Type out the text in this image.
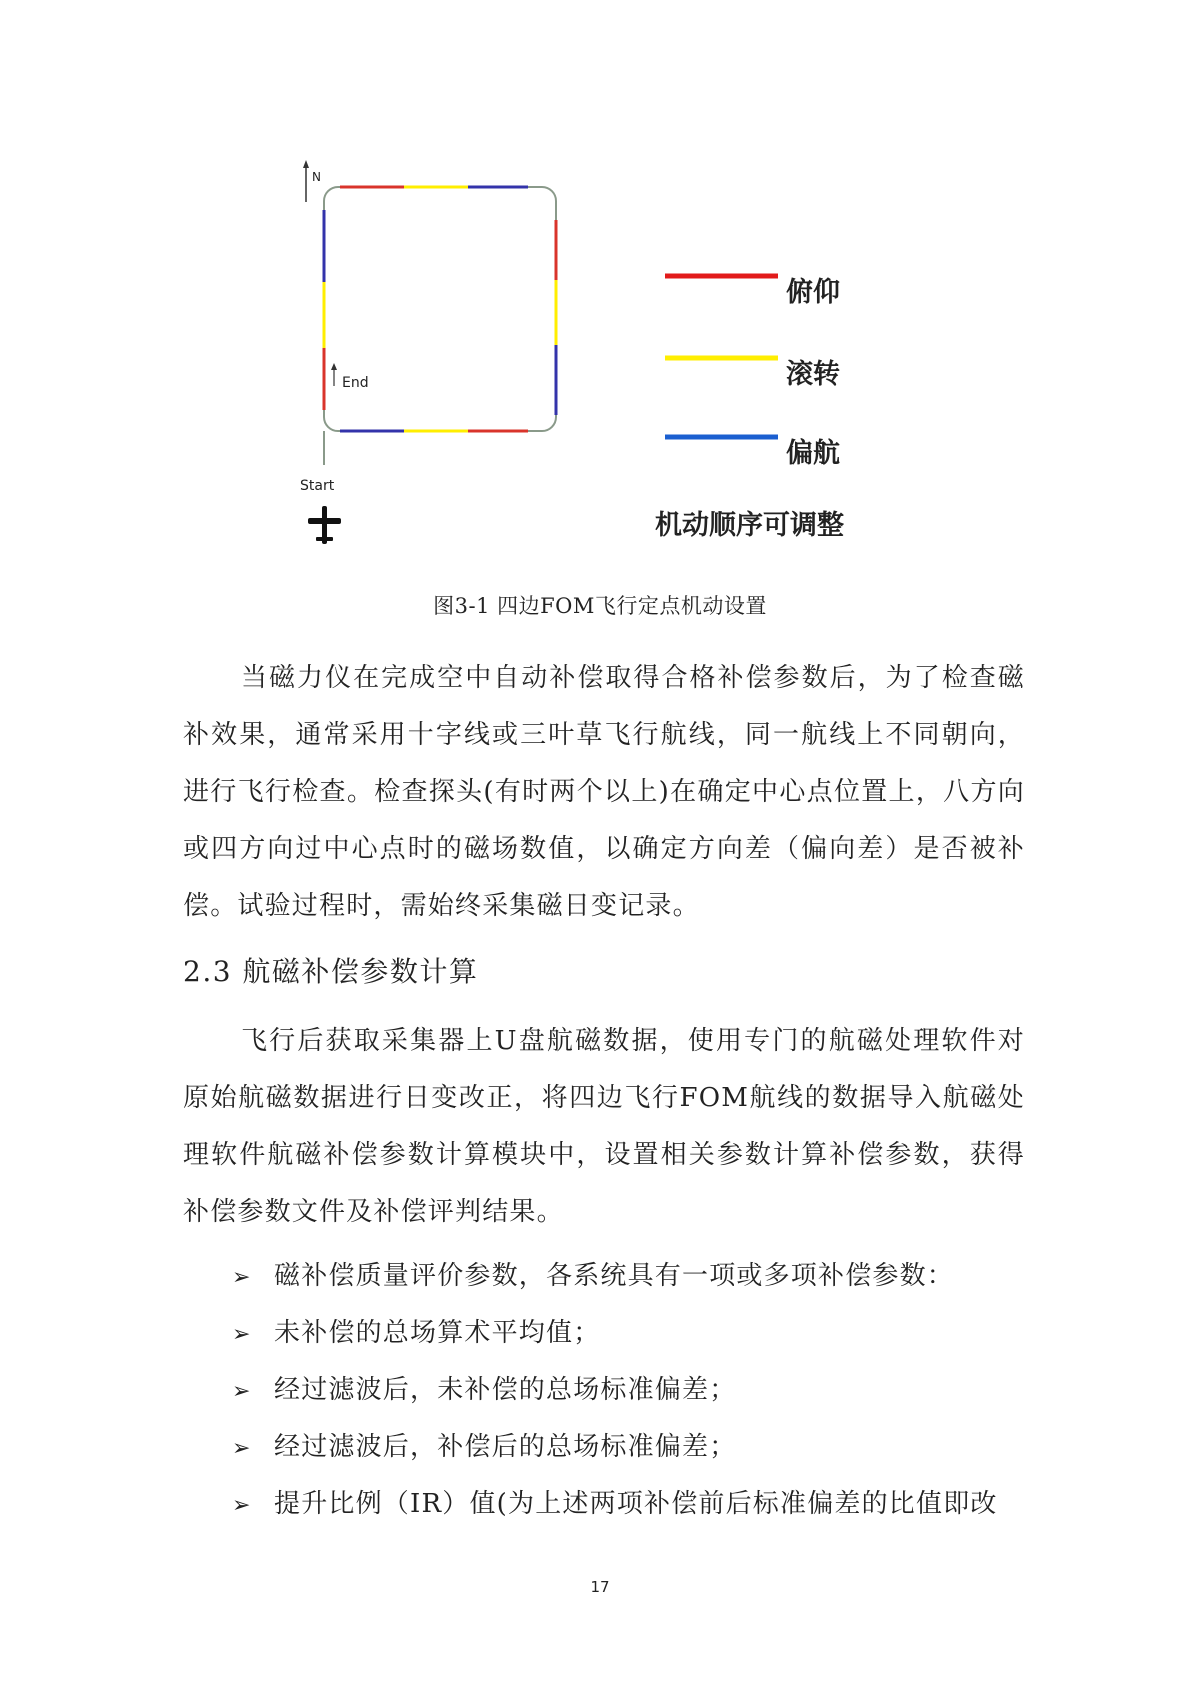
N
End
Start
俯仰
滚转
偏航
机动顺序可调整
图3-1 四边FOM飞行定点机动设置

当磁力仪在完成空中自动补偿取得合格补偿参数后，为了检查磁补效果，通常采用十字线或三叶草飞行航线，同一航线上不同朝向，进行飞行检查。检查探头(有时两个以上)在确定中心点位置上，八方向或四方向过中心点时的磁场数值，以确定方向差（偏向差）是否被补偿。试验过程时，需始终采集磁日变记录。

2.3 航磁补偿参数计算

飞行后获取采集器上U盘航磁数据，使用专门的航磁处理软件对原始航磁数据进行日变改正，将四边飞行FOM航线的数据导入航磁处理软件航磁补偿参数计算模块中，设置相关参数计算补偿参数，获得补偿参数文件及补偿评判结果。

➢ 磁补偿质量评价参数，各系统具有一项或多项补偿参数：
➢ 未补偿的总场算术平均值；
➢ 经过滤波后，未补偿的总场标准偏差；
➢ 经过滤波后，补偿后的总场标准偏差；
➢ 提升比例（IR）值(为上述两项补偿前后标准偏差的比值即改
17
